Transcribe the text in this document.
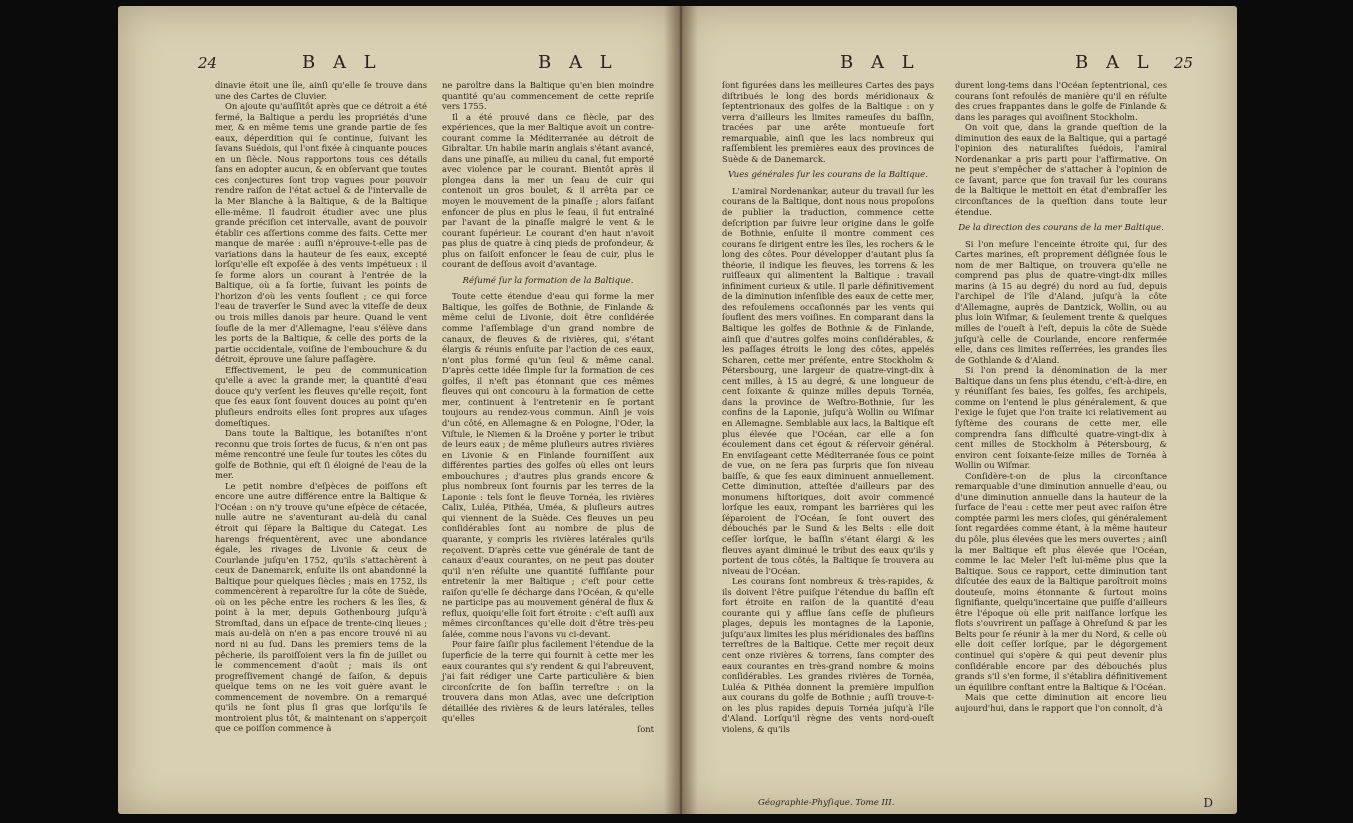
24	B A L	B A L

dinavie étoit une île, ainſi qu'elle ſe trouve dans une des Cartes de Cluvier.

On ajoute qu'auſſitôt après que ce détroit a été fermé, la Baltique a perdu les propriétés d'une mer, & en même tems une grande partie de ſes eaux, déperdition qui ſe continue, ſuivant les ſavans Suédois, qui l'ont fixée à cinquante pouces en un ſiècle. Nous rapportons tous ces détails ſans en adopter aucun, & en obſervant que toutes ces conjectures ſont trop vagues pour pouvoir rendre raiſon de l'état actuel & de l'intervalle de la Mer Blanche à la Baltique, & de la Baltique elle-même. Il faudroit étudier avec une plus grande préciſion cet intervalle, avant de pouvoir établir ces aſſertions comme des faits. Cette mer manque de marée : auſſi n'éprouve-t-elle pas de variations dans la hauteur de ſes eaux, excepté lorſqu'elle eſt expoſée à des vents impétueux : il ſe forme alors un courant à l'entrée de la Baltique, où a ſa ſortie, ſuivant les points de l'horizon d'où les vents ſouflent ; ce qui force l'eau de traverſer le Sund avec la viteſſe de deux ou trois milles danois par heure. Quand le vent ſoufle de la mer d'Allemagne, l'eau s'élève dans les ports de la Baltique, & celle des ports de la partie occidentale, voiſine de l'embouchure & du détroit, éprouve une ſalure paſſagère.

Effectivement, le peu de communication qu'elle a avec la grande mer, la quantité d'eau douce qu'y verſent les fleuves qu'elle reçoit, font que ſes eaux ſont ſouvent douces au point qu'en pluſieurs endroits elles ſont propres aux uſages domeſtiques.

Dans toute la Baltique, les botaniſtes n'ont reconnu que trois ſortes de fucus, & n'en ont pas même rencontré une ſeule ſur toutes les côtes du golfe de Bothnie, qui eſt ſi éloigné de l'eau de la mer.

Le petit nombre d'eſpèces de poiſſons eſt encore une autre différence entre la Baltique & l'Océan : on n'y trouve qu'une eſpèce de cétacée, nulle autre ne s'aventurant au-delà du canal étroit qui ſépare la Baltique du Categat. Les harengs fréquentèrent, avec une abondance égale, les rivages de Livonie & ceux de Courlande juſqu'en 1752, qu'ils s'attachèrent à ceux de Danemarck, enſuite ils ont abandonné la Baltique pour quelques ſiècles ; mais en 1752, ils commencèrent à reparoître ſur la côte de Suède, où on les pêche entre les rochers & les îles, & point à la mer, depuis Gothenbourg juſqu'à Stromſtad, dans un eſpace de trente-cinq lieues ; mais au-delà on n'en a pas encore trouvé ni au nord ni au ſud. Dans les premiers tems de la pêcherie, ils paroiſſoient vers la fin de juillet ou le commencement d'août ; mais ils ont progreſſivement changé de ſaiſon, & depuis quelque tems on ne les voit guère avant le commencement de novembre. On a remarqué qu'ils ne ſont plus ſi gras que lorſqu'ils ſe montroient plus tôt, & maintenant on s'apperçoit que ce poiſſon commence à

ne paroître dans la Baltique qu'en bien moindre quantité qu'au commencement de cette repriſe vers 1755.

Il a été prouvé dans ce ſiècle, par des expériences, que la mer Baltique avoit un contre-courant comme la Méditerranée au détroit de Gibraltar. Un habile marin anglais s'étant avancé, dans une pinaſſe, au milieu du canal, fut emporté avec violence par le courant. Bientôt après il plongea dans la mer un ſeau de cuir qui contenoit un gros boulet, & il arrêta par ce moyen le mouvement de la pinaſſe ; alors faiſant enfoncer de plus en plus le ſeau, il fut entraîné par l'avant de la pinaſſe malgré le vent & le courant ſupérieur. Le courant d'en haut n'avoit pas plus de quatre à cinq pieds de profondeur, & plus on faiſoit enfoncer le ſeau de cuir, plus le courant de deſſous avoit d'avantage.

Réſumé ſur la formation de la Baltique.

Toute cette étendue d'eau qui forme la mer Baltique, les golfes de Bothnie, de Finlande & même celui de Livonie, doit être conſidérée comme l'aſſemblage d'un grand nombre de canaux, de fleuves & de rivières, qui, s'étant élargis & réunis enſuite par l'action de ces eaux, n'ont plus formé qu'un ſeul & même canal. D'après cette idée ſimple ſur la formation de ces golfes, il n'eſt pas étonnant que ces mêmes fleuves qui ont concouru à la formation de cette mer, continuent à l'entretenir en ſe portant toujours au rendez-vous commun. Ainſi je vois d'un côté, en Allemagne & en Pologne, l'Oder, la Viſtule, le Niemen & la Droëne y porter le tribut de leurs eaux ; de même pluſieurs autres rivières en Livonie & en Finlande fourniſſent aux différentes parties des golfes où elles ont leurs embouchures ; d'autres plus grands encore & plus nombreux ſont fournis par les terres de la Laponie : tels ſont le fleuve Tornéa, les rivières Calix, Luléa, Pithéa, Uméa, & pluſieurs autres qui viennent de la Suède. Ces fleuves un peu conſidérables ſont au nombre de plus de quarante, y compris les rivières latérales qu'ils reçoivent. D'après cette vue générale de tant de canaux d'eaux courantes, on ne peut pas douter qu'il n'en réſulte une quantité ſuffiſante pour entretenir la mer Baltique ; c'eſt pour cette raiſon qu'elle ſe décharge dans l'Océan, & qu'elle ne participe pas au mouvement général de flux & reflux, quoiqu'elle ſoit fort étroite : c'eſt auſſi aux mêmes circonſtances qu'elle doit d'être très-peu ſalée, comme nous l'avons vu ci-devant.

Pour faire ſaiſir plus facilement l'étendue de la ſuperficie de la terre qui fournit à cette mer les eaux courantes qui s'y rendent & qui l'abreuvent, j'ai fait rédiger une Carte particulière & bien circonſcrite de ſon baſſin terreſtre : on la trouvera dans mon Atlas, avec une deſcription détaillée des rivières & de leurs latérales, telles qu'elles

ſont

B A L	B A L 25

ſont figurées dans les meilleures Cartes des pays diſtribués le long des bords méridionaux & ſeptentrionaux des golfes de la Baltique : on y verra d'ailleurs les limites rameuſes du baſſin, tracées par une arête montueuſe fort remarquable, ainſi que les lacs nombreux qui raſſemblent les premières eaux des provinces de Suède & de Danemarck.

Vues générales ſur les courans de la Baltique.

L'amiral Nordenankar, auteur du travail ſur les courans de la Baltique, dont nous nous propoſons de publier la traduction, commence cette deſcription par ſuivre leur origine dans le golfe de Bothnie, enſuite il montre comment ces courans ſe dirigent entre les îles, les rochers & le long des côtes. Pour développer d'autant plus ſa théorie, il indique les fleuves, les torrens & les ruiſſeaux qui alimentent la Baltique : travail infiniment curieux & utile. Il parle définitivement de la diminution inſenſible des eaux de cette mer, des refoulemens occaſionnés par les vents qui ſouflent des mers voiſines. En comparant dans la Baltique les golfes de Bothnie & de Finlande, ainſi que d'autres golfes moins conſidérables, & les paſſages étroits le long des côtes, appelés Scharen, cette mer préſente, entre Stockholm & Pétersbourg, une largeur de quatre-vingt-dix à cent milles, à 15 au degré, & une longueur de cent ſoixante & quinze milles depuis Tornéa, dans la province de Weſtro-Bothnie, ſur les confins de la Laponie, juſqu'à Wollin ou Wiſmar en Allemagne. Semblable aux lacs, la Baltique eſt plus élevée que l'Océan, car elle a ſon écoulement dans cet égout & réſervoir général. En enviſageant cette Méditerranée ſous ce point de vue, on ne ſera pas ſurpris que ſon niveau baiſſe, & que ſes eaux diminuent annuellement. Cette diminution, atteſtée d'ailleurs par des monumens hiſtoriques, doit avoir commencé lorſque les eaux, rompant les barrières qui les ſéparoient de l'Océan, ſe ſont ouvert des débouchés par le Sund & les Belts : elle doit ceſſer lorſque, le baſſin s'étant élargi & les fleuves ayant diminué le tribut des eaux qu'ils y portent de tous côtés, la Baltique ſe trouvera au niveau de l'Océan.

Les courans ſont nombreux & très-rapides, & ils doivent l'être puiſque l'étendue du baſſin eſt fort étroite en raiſon de la quantité d'eau courante qui y afflue ſans ceſſe de pluſieurs plages, depuis les montagnes de la Laponie, juſqu'aux limites les plus méridionales des baſſins terreſtres de la Baltique. Cette mer reçoit deux cent onze rivières & torrens, ſans compter des eaux courantes en très-grand nombre & moins conſidérables. Les grandes rivières de Tornéa, Luléa & Pithéa donnent la première impulſion aux courans du golfe de Bothnie ; auſſi trouve-t-on les plus rapides depuis Tornéa juſqu'à l'île d'Aland. Lorſqu'il règne des vents nord-oueſt violens, & qu'ils

Géographie-Phyſique. Tome III.

durent long-tems dans l'Océan ſeptentrional, ces courans ſont refoulés de manière qu'il en réſulte des crues frappantes dans le golfe de Finlande & dans les parages qui avoiſinent Stockholm.

On voit que, dans la grande queſtion de la diminution des eaux de la Baltique, qui a partagé l'opinion des naturaliſtes ſuédois, l'amiral Nordenankar a pris parti pour l'affirmative. On ne peut s'empêcher de s'attacher à l'opinion de ce ſavant, parce que ſon travail ſur les courans de la Baltique le mettoit en état d'embraſſer les circonſtances de la queſtion dans toute leur étendue.

De la direction des courans de la mer Baltique.

Si l'on meſure l'enceinte étroite qui, ſur des Cartes marines, eſt proprement déſignée ſous le nom de mer Baltique, on trouvera qu'elle ne comprend pas plus de quatre-vingt-dix milles marins (à 15 au degré) du nord au ſud, depuis l'archipel de l'île d'Aland, juſqu'à la côte d'Allemagne, auprès de Dantzick, Wollin, ou au plus loin Wiſmar, & ſeulement trente & quelques milles de l'oueſt à l'eſt, depuis la côte de Suède juſqu'à celle de Courlande, encore renfermée elle, dans ces limites reſſerrées, les grandes îles de Gothlande & d'Aland.

Si l'on prend la dénomination de la mer Baltique dans un ſens plus étendu, c'eſt-à-dire, en y réuniſſant ſes baies, ſes golfes, ſes archipels, comme on l'entend le plus généralement, & que l'exige le ſujet que l'on traite ici relativement au ſyſtème des courans de cette mer, elle comprendra ſans difficulté quatre-vingt-dix à cent milles de Stockholm à Pétersbourg, & environ cent ſoixante-ſeize milles de Tornéa à Wollin ou Wiſmar.

Conſidère-t-on de plus la circonſtance remarquable d'une diminution annuelle d'eau, ou d'une diminution annuelle dans la hauteur de la ſurface de l'eau : cette mer peut avec raiſon être comptée parmi les mers cloſes, qui généralement ſont regardées comme étant, à la même hauteur du pôle, plus élevées que les mers ouvertes ; ainſi la mer Baltique eſt plus élevée que l'Océan, comme le lac Meler l'eſt lui-même plus que la Baltique. Sous ce rapport, cette diminution tant diſcutée des eaux de la Baltique paroîtroit moins douteuſe, moins étonnante & ſurtout moins ſignifiante, quelqu'incertaine que puiſſe d'ailleurs être l'époque où elle prit naiſſance lorſque les flots s'ouvrirent un paſſage à Ohreſund & par les Belts pour ſe réunir à la mer du Nord, & celle où elle doit ceſſer lorſque, par le dégorgement continuel qui s'opère & qui peut devenir plus conſidérable encore par des débouchés plus grands s'il s'en forme, il s'établira définitivement un équilibre conſtant entre la Baltique & l'Océan.

Mais que cette diminution ait encore lieu aujourd'hui, dans le rapport que l'on connoît, d'à

D
